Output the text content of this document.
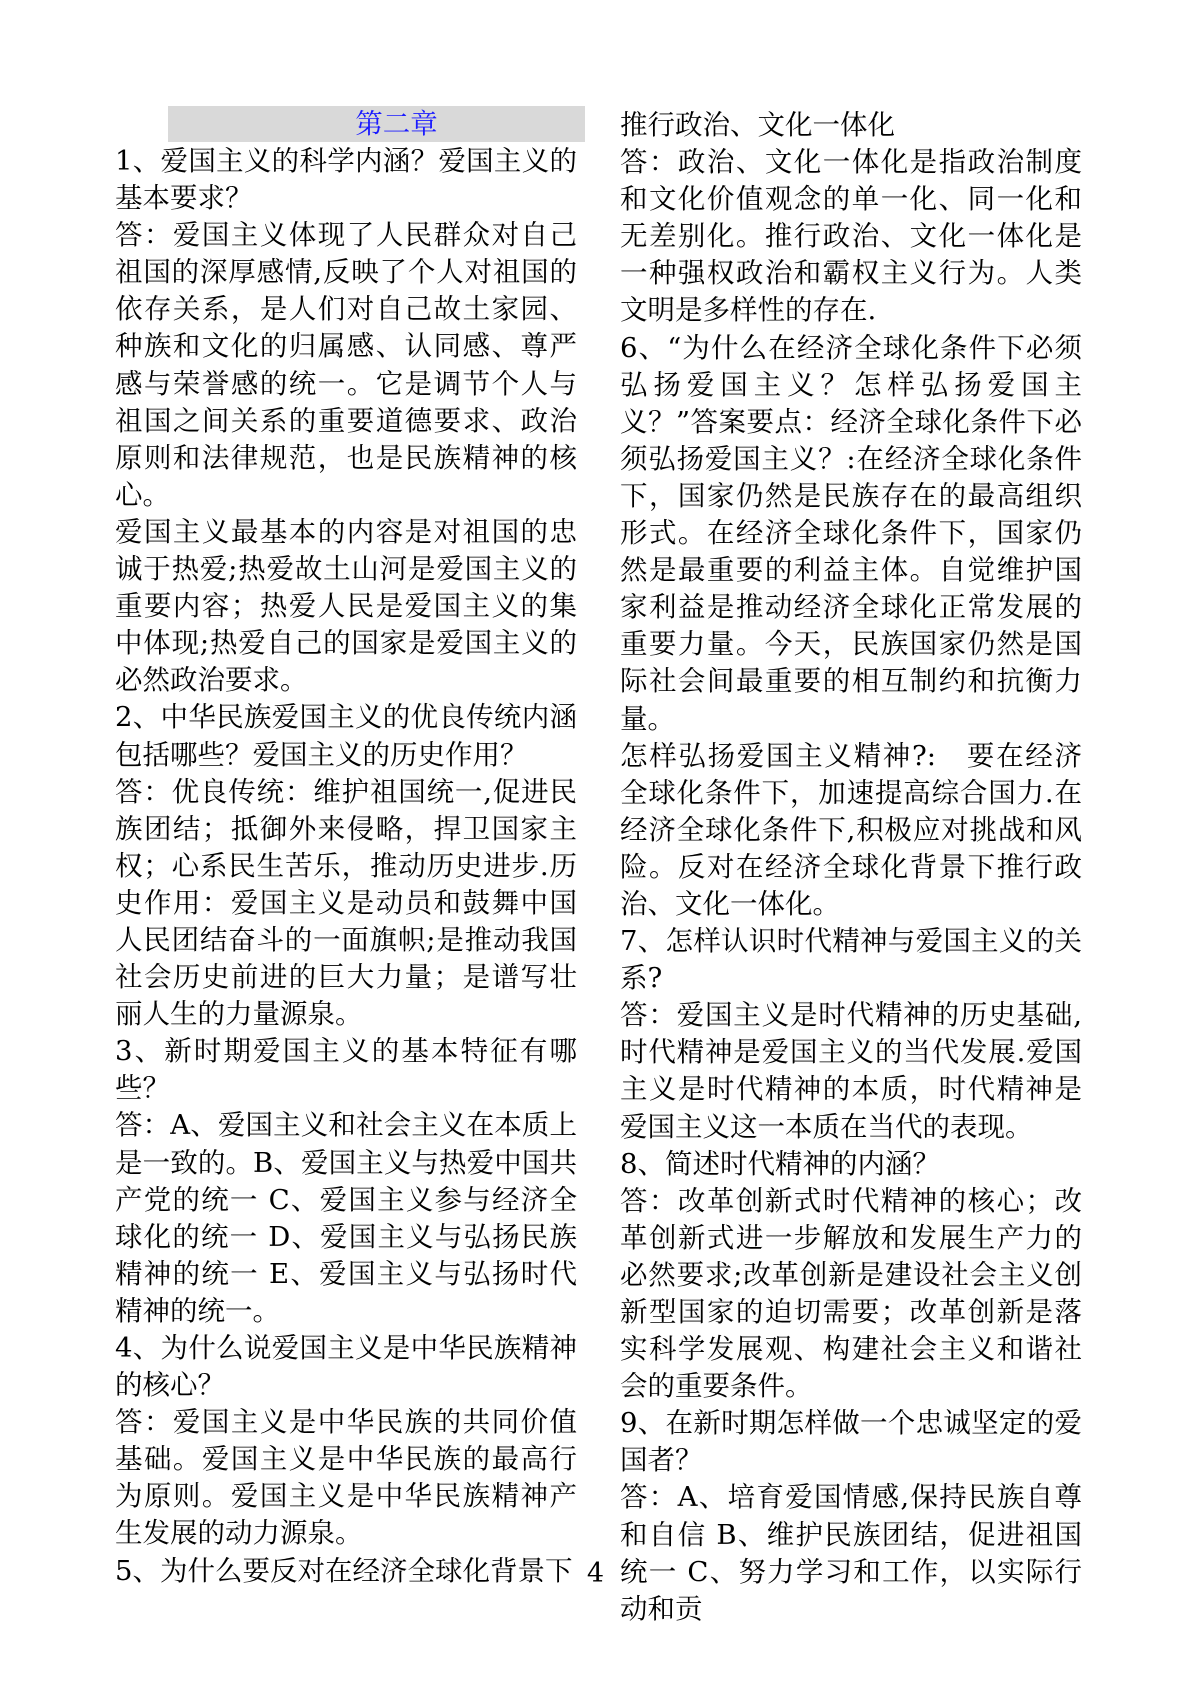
第二章

1、爱国主义的科学内涵？爱国主义的基本要求？

答：爱国主义体现了人民群众对自己祖国的深厚感情,反映了个人对祖国的依存关系，是人们对自己故土家园、种族和文化的归属感、认同感、尊严感与荣誉感的统一。它是调节个人与祖国之间关系的重要道德要求、政治原则和法律规范，也是民族精神的核心。

爱国主义最基本的内容是对祖国的忠诚于热爱;热爱故土山河是爱国主义的重要内容；热爱人民是爱国主义的集中体现;热爱自己的国家是爱国主义的必然政治要求。

2、中华民族爱国主义的优良传统内涵包括哪些？爱国主义的历史作用？

答：优良传统：维护祖国统一,促进民族团结；抵御外来侵略，捍卫国家主权；心系民生苦乐，推动历史进步.历史作用：爱国主义是动员和鼓舞中国人民团结奋斗的一面旗帜;是推动我国社会历史前进的巨大力量；是谱写壮丽人生的力量源泉。

3、新时期爱国主义的基本特征有哪些？

答：A、爱国主义和社会主义在本质上是一致的。B、爱国主义与热爱中国共产党的统一 C、爱国主义参与经济全球化的统一 D、爱国主义与弘扬民族精神的统一 E、爱国主义与弘扬时代精神的统一。

4、为什么说爱国主义是中华民族精神的核心？

答：爱国主义是中华民族的共同价值基础。爱国主义是中华民族的最高行为原则。爱国主义是中华民族精神产生发展的动力源泉。

5、为什么要反对在经济全球化背景下

推行政治、文化一体化

答：政治、文化一体化是指政治制度和文化价值观念的单一化、同一化和无差别化。推行政治、文化一体化是一种强权政治和霸权主义行为。人类文明是多样性的存在.

6、“为什么在经济全球化条件下必须弘扬爱国主义？怎样弘扬爱国主义？”答案要点：经济全球化条件下必须弘扬爱国主义？:在经济全球化条件下，国家仍然是民族存在的最高组织形式。在经济全球化条件下，国家仍然是最重要的利益主体。自觉维护国家利益是推动经济全球化正常发展的重要力量。今天，民族国家仍然是国际社会间最重要的相互制约和抗衡力量。

怎样弘扬爱国主义精神?:　要在经济全球化条件下，加速提高综合国力.在经济全球化条件下,积极应对挑战和风险。反对在经济全球化背景下推行政治、文化一体化。

7、怎样认识时代精神与爱国主义的关系?

答：爱国主义是时代精神的历史基础,时代精神是爱国主义的当代发展.爱国主义是时代精神的本质，时代精神是爱国主义这一本质在当代的表现。

8、简述时代精神的内涵？

答：改革创新式时代精神的核心；改革创新式进一步解放和发展生产力的必然要求;改革创新是建设社会主义创新型国家的迫切需要；改革创新是落实科学发展观、构建社会主义和谐社会的重要条件。

9、在新时期怎样做一个忠诚坚定的爱国者？

答：A、培育爱国情感,保持民族自尊和自信 B、维护民族团结，促进祖国统一 C、努力学习和工作，以实际行动和贡

4
